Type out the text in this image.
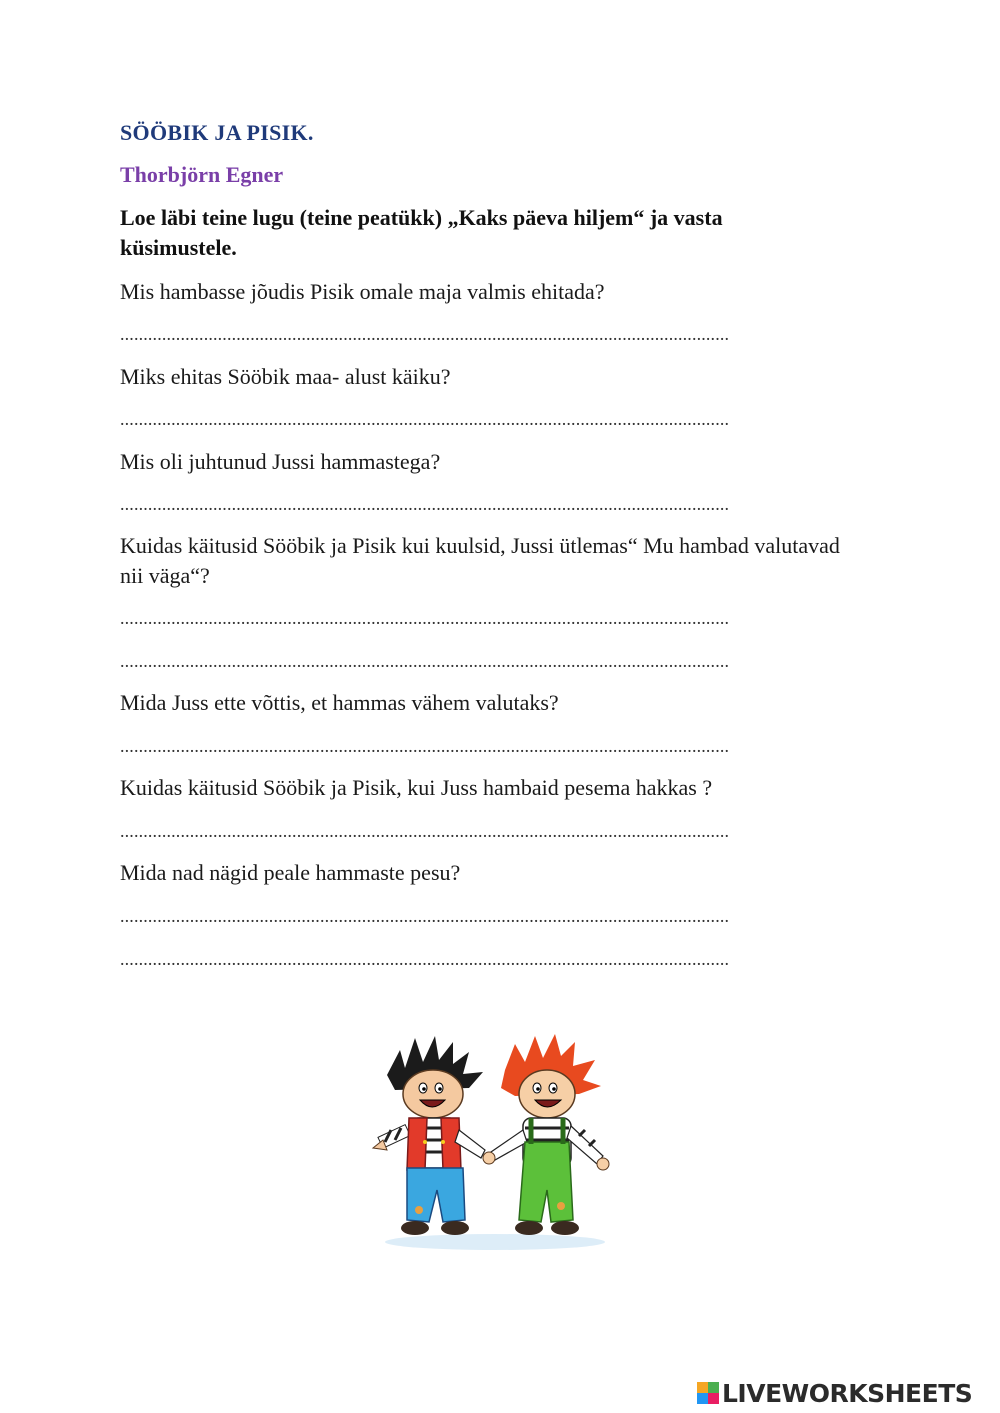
SÖÖBIK JA PISIK.
Thorbjörn Egner
Loe läbi teine lugu (teine peatükk) „Kaks päeva hiljem“ ja vasta küsimustele.
Mis hambasse jõudis Pisik omale maja valmis ehitada?
...................................................................................................................................
Miks ehitas Sööbik maa- alust käiku?
...................................................................................................................................
Mis oli juhtunud Jussi hammastega?
...................................................................................................................................
Kuidas käitusid Sööbik ja Pisik kui kuulsid, Jussi ütlemas“ Mu hambad valutavad nii väga“?
...................................................................................................................................
...................................................................................................................................
Mida Juss ette võttis, et hammas vähem valutaks?
...................................................................................................................................
Kuidas käitusid Sööbik ja Pisik, kui Juss hambaid pesema hakkas ?
...................................................................................................................................
Mida nad nägid peale hammaste pesu?
...................................................................................................................................
...................................................................................................................................
LIVEWORKSHEETS
